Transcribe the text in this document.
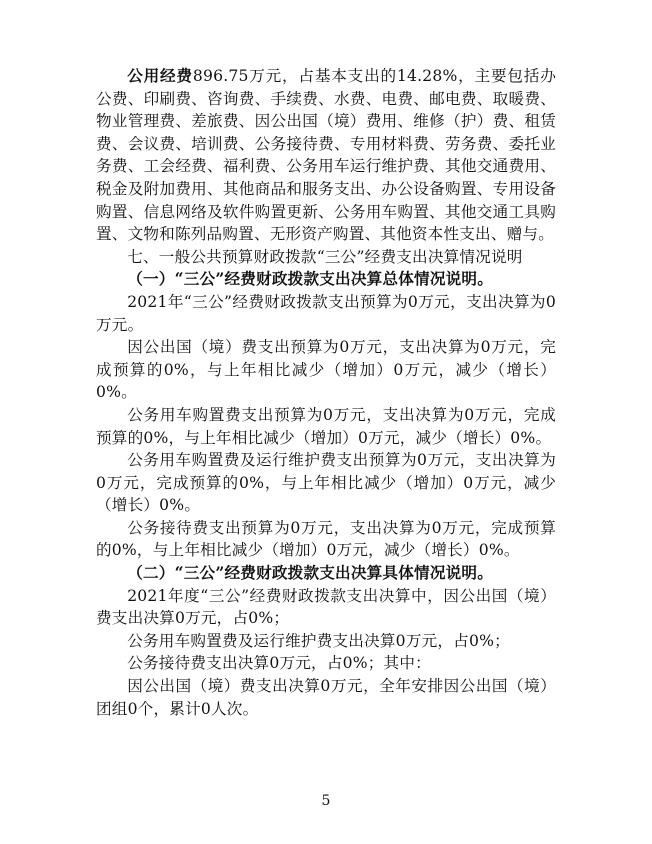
公用经费896.75万元，占基本支出的14.28%，主要包括办公费、印刷费、咨询费、手续费、水费、电费、邮电费、取暖费、物业管理费、差旅费、因公出国（境）费用、维修（护）费、租赁费、会议费、培训费、公务接待费、专用材料费、劳务费、委托业务费、工会经费、福利费、公务用车运行维护费、其他交通费用、税金及附加费用、其他商品和服务支出、办公设备购置、专用设备购置、信息网络及软件购置更新、公务用车购置、其他交通工具购置、文物和陈列品购置、无形资产购置、其他资本性支出、赠与。

七、一般公共预算财政拨款“三公”经费支出决算情况说明

（一）“三公”经费财政拨款支出决算总体情况说明。

2021年“三公”经费财政拨款支出预算为0万元，支出决算为0万元。

因公出国（境）费支出预算为0万元，支出决算为0万元，完成预算的0%，与上年相比减少（增加）0万元，减少（增长）0%。

公务用车购置费支出预算为0万元，支出决算为0万元，完成预算的0%，与上年相比减少（增加）0万元，减少（增长）0%。

公务用车购置费及运行维护费支出预算为0万元，支出决算为0万元，完成预算的0%，与上年相比减少（增加）0万元，减少（增长）0%。

公务接待费支出预算为0万元，支出决算为0万元，完成预算的0%，与上年相比减少（增加）0万元，减少（增长）0%。

（二）“三公”经费财政拨款支出决算具体情况说明。

2021年度“三公”经费财政拨款支出决算中，因公出国（境）费支出决算0万元，占0%；

公务用车购置费及运行维护费支出决算0万元，占0%；

公务接待费支出决算0万元，占0%；其中：

因公出国（境）费支出决算0万元，全年安排因公出国（境）团组0个，累计0人次。

5
